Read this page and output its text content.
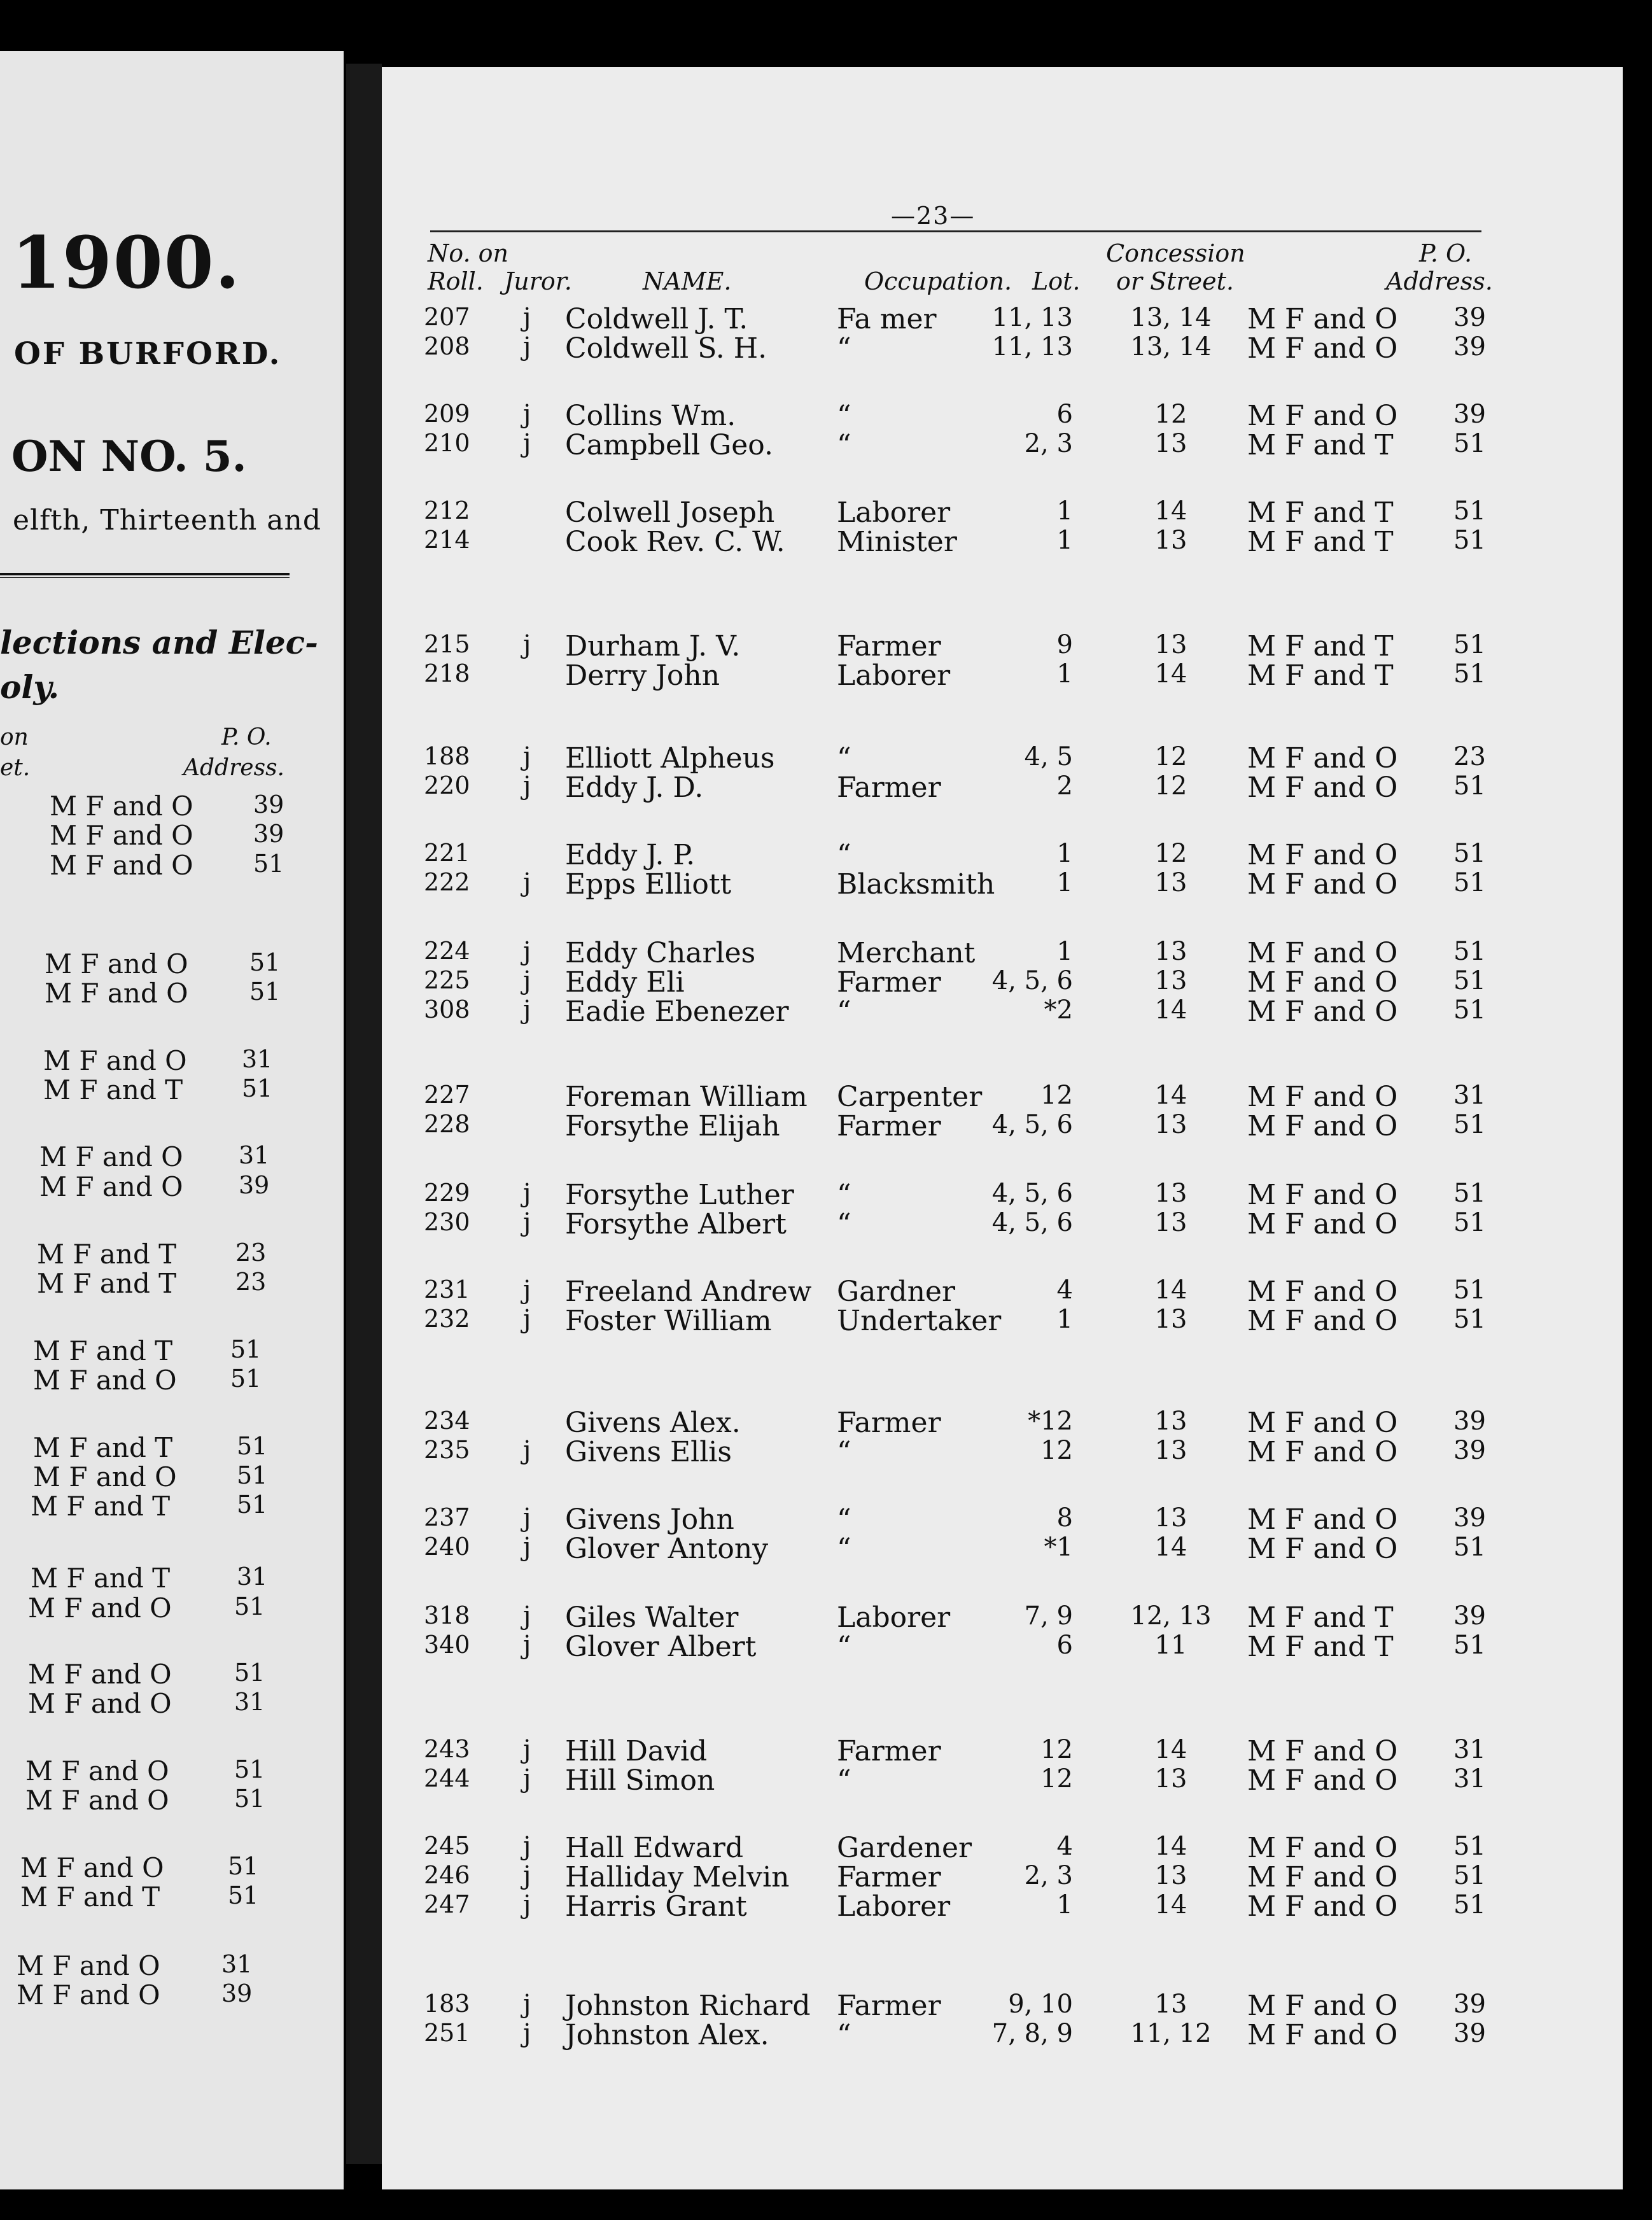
1900.
OF BURFORD.
ON NO. 5.
elfth, Thirteenth and
lections and Elec-
oly.
on
et.
P. O.
Address.
M F and O 39
M F and O 39
M F and O 51
M F and O	51
M F and O	51
M F and O 31
M F and T 51
M F and O 31
M F and O 39
M F and T 23
M F and T 23
M F and T 51
M F and O 51
M F and T	51
M F and O 51
M F and T	51
M F and T	31
M F and O	51
M F and O	51
M F and O	31
M F and O	51
M F and O	51
M F and O	51
M F and T	51
M F and O	31
M F and O	39
—23—
No. on
Roll. Juror.	NAME.	Occupation. Lot.
Concession
or Street.
P. O.
Address.
207 j Coldwell J. T.	Fa mer 11, 13	13, 14	M F and O 39
208 j Coldwell S. H. “	11, 13	13, 14	M F and O 39
209 j Collins Wm.	“	6	12	M F and O 39
210 j Campbell Geo. “	2, 3	13	M F and T 51
212	Colwell Joseph Laborer	1	14	M F and T 51
214	Cook Rev. C. W. Minister	1	13	M F and T 51
215 j Durham J. V.	Farmer	9	13	M F and T 51
218	Derry John	Laborer	1	14	M F and T 51
188 j Elliott Alpheus “	4, 5	12	M F and O 23
220 j Eddy J. D.	Farmer	2	12	M F and O 51
221	Eddy J. P.	“	1	12	M F and O 51
222 j Epps Elliott	Blacksmith 1	13	M F and O 51
224 j Eddy Charles	Merchant	1	13	M F and O 51
225 j Eddy Eli	Farmer 4, 5, 6	13	M F and O 51
308 j Eadie Ebenezer “	*2	14	M F and O 51
227	Foreman William Carpenter 12	14	M F and O 31
228	Forsythe Elijah Farmer 4, 5, 6	13	M F and O 51
229 j Forsythe Luther “	4, 5, 6	13	M F and O 51
230 j Forsythe Albert “	4, 5, 6	13	M F and O 51
231 j Freeland Andrew Gardner	4	14	M F and O 51
232 j Foster William Undertaker 1	13	M F and O 51
234	Givens Alex.	Farmer	*12	13	M F and O 39
235 j Givens Ellis	“	12	13	M F and O 39
237 j Givens John	“	8	13	M F and O 39
240 j Glover Antony “	*1	14	M F and O 51
318 j Giles Walter	Laborer	7, 9	12, 13	M F and T 39
340 j Glover Albert	“	6	11	M F and T 51
243 j Hill David	Farmer	12	14	M F and O 31
244 j Hill Simon	“	12	13	M F and O 31
245 j Hall Edward	Gardener	4	14	M F and O 51
246 j Halliday Melvin Farmer	2, 3	13	M F and O 51
247 j Harris Grant	Laborer	1	14	M F and O 51
183 j Johnston Richard Farmer	9, 10	13	M F and O 39
251 j Johnston Alex. “	7, 8, 9	11, 12	M F and O 39
